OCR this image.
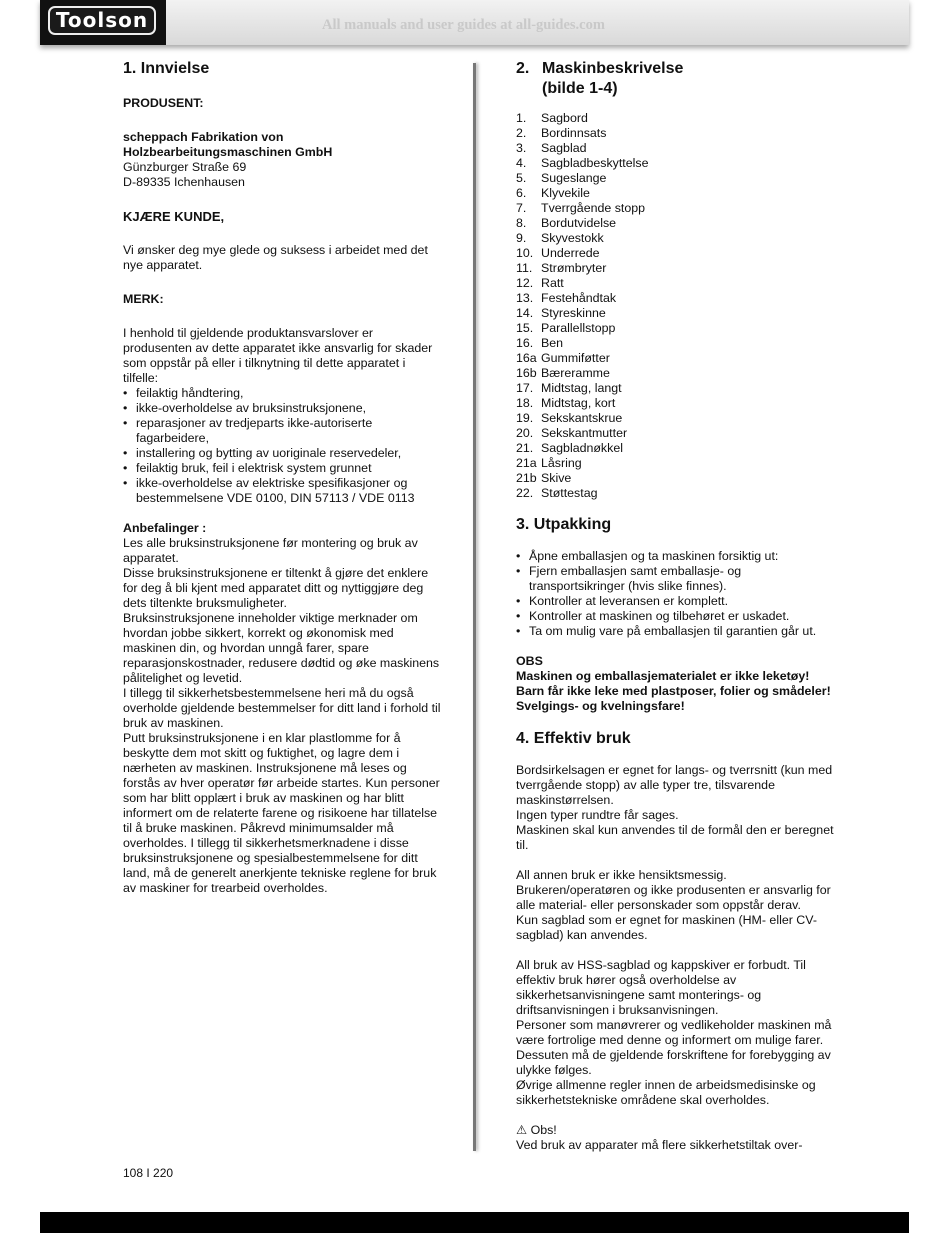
Toolson	All manuals and user guides at all-guides.com
1. Innvielse

PRODUSENT:

scheppach Fabrikation von

Holzbearbeitungsmaschinen GmbH

Günzburger Straße 69

D-89335 Ichenhausen

KJÆRE KUNDE,

Vi ønsker deg mye glede og suksess i arbeidet med det nye apparatet.

MERK:

I henhold til gjeldende produktansvarslover er produsenten av dette apparatet ikke ansvarlig for skader som oppstår på eller i tilknytning til dette apparatet i tilfelle:

• feilaktig håndtering,
• ikke-overholdelse av bruksinstruksjonene,
• reparasjoner av tredjeparts ikke-autoriserte fagarbeidere,
• installering og bytting av uoriginale reservedeler,
• feilaktig bruk, feil i elektrisk system grunnet
• ikke-overholdelse av elektriske spesifikasjoner og bestemmelsene VDE 0100, DIN 57113 / VDE 0113

Anbefalinger :

Les alle bruksinstruksjonene før montering og bruk av apparatet.

Disse bruksinstruksjonene er tiltenkt å gjøre det enklere for deg å bli kjent med apparatet ditt og nyttiggjøre deg dets tiltenkte bruksmuligheter.

Bruksinstruksjonene inneholder viktige merknader om hvordan jobbe sikkert, korrekt og økonomisk med maskinen din, og hvordan unngå farer, spare reparasjonskostnader, redusere dødtid og øke maskinens pålitelighet og levetid.

I tillegg til sikkerhetsbestemmelsene heri må du også overholde gjeldende bestemmelser for ditt land i forhold til bruk av maskinen.

Putt bruksinstruksjonene i en klar plastlomme for å beskytte dem mot skitt og fuktighet, og lagre dem i nærheten av maskinen. Instruksjonene må leses og forstås av hver operatør før arbeide startes. Kun personer som har blitt opplært i bruk av maskinen og har blitt informert om de relaterte farene og risikoene har tillatelse til å bruke maskinen. Påkrevd minimumsalder må overholdes. I tillegg til sikkerhetsmerknadene i disse bruksinstruksjonene og spesialbestemmelsene for ditt land, må de generelt anerkjente tekniske reglene for bruk av maskiner for trearbeid overholdes.

2. Maskinbeskrivelse
(bilde 1-4)
1.	Sagbord
2.	Bordinnsats
3.	Sagblad
4.	Sagbladbeskyttelse
5.	Sugeslange
6.	Klyvekile
7.	Tverrgående stopp
8.	Bordutvidelse
9.	Skyvestokk
10. Underrede
11. Strømbryter
12. Ratt
13. Festehåndtak
14. Styreskinne
15. Parallellstopp
16. Ben
16a Gummiføtter
16b Bæreramme
17. Midtstag, langt
18. Midtstag, kort
19. Sekskantskrue
20. Sekskantmutter
21. Sagbladnøkkel
21a Låsring
21b Skive
22. Støttestag
3. Utpakking
• Åpne emballasjen og ta maskinen forsiktig ut:
• Fjern emballasjen samt emballasje- og transportsikringer (hvis slike finnes).
• Kontroller at leveransen er komplett.
• Kontroller at maskinen og tilbehøret er uskadet.
• Ta om mulig vare på emballasjen til garantien går ut.

OBS

Maskinen og emballasjematerialet er ikke leketøy! Barn får ikke leke med plastposer, folier og smådeler! Svelgings- og kvelningsfare!

4. Effektiv bruk

Bordsirkelsagen er egnet for langs- og tverrsnitt (kun med tverrgående stopp) av alle typer tre, tilsvarende maskinstørrelsen.

Ingen typer rundtre får sages.

Maskinen skal kun anvendes til de formål den er beregnet til.

All annen bruk er ikke hensiktsmessig. Brukeren/operatøren og ikke produsenten er ansvarlig for alle material- eller personskader som oppstår derav.

Kun sagblad som er egnet for maskinen (HM- eller CV-sagblad) kan anvendes.

All bruk av HSS-sagblad og kappskiver er forbudt. Til effektiv bruk hører også overholdelse av sikkerhetsanvisningene samt monterings- og driftsanvisningen i bruksanvisningen.

Personer som manøvrerer og vedlikeholder maskinen må være fortrolige med denne og informert om mulige farer. Dessuten må de gjeldende forskriftene for forebygging av ulykke følges.

Øvrige allmenne regler innen de arbeidsmedisinske og sikkerhetstekniske områdene skal overholdes.

⚠ Obs!

Ved bruk av apparater må flere sikkerhetstiltak over-

108 I 220
